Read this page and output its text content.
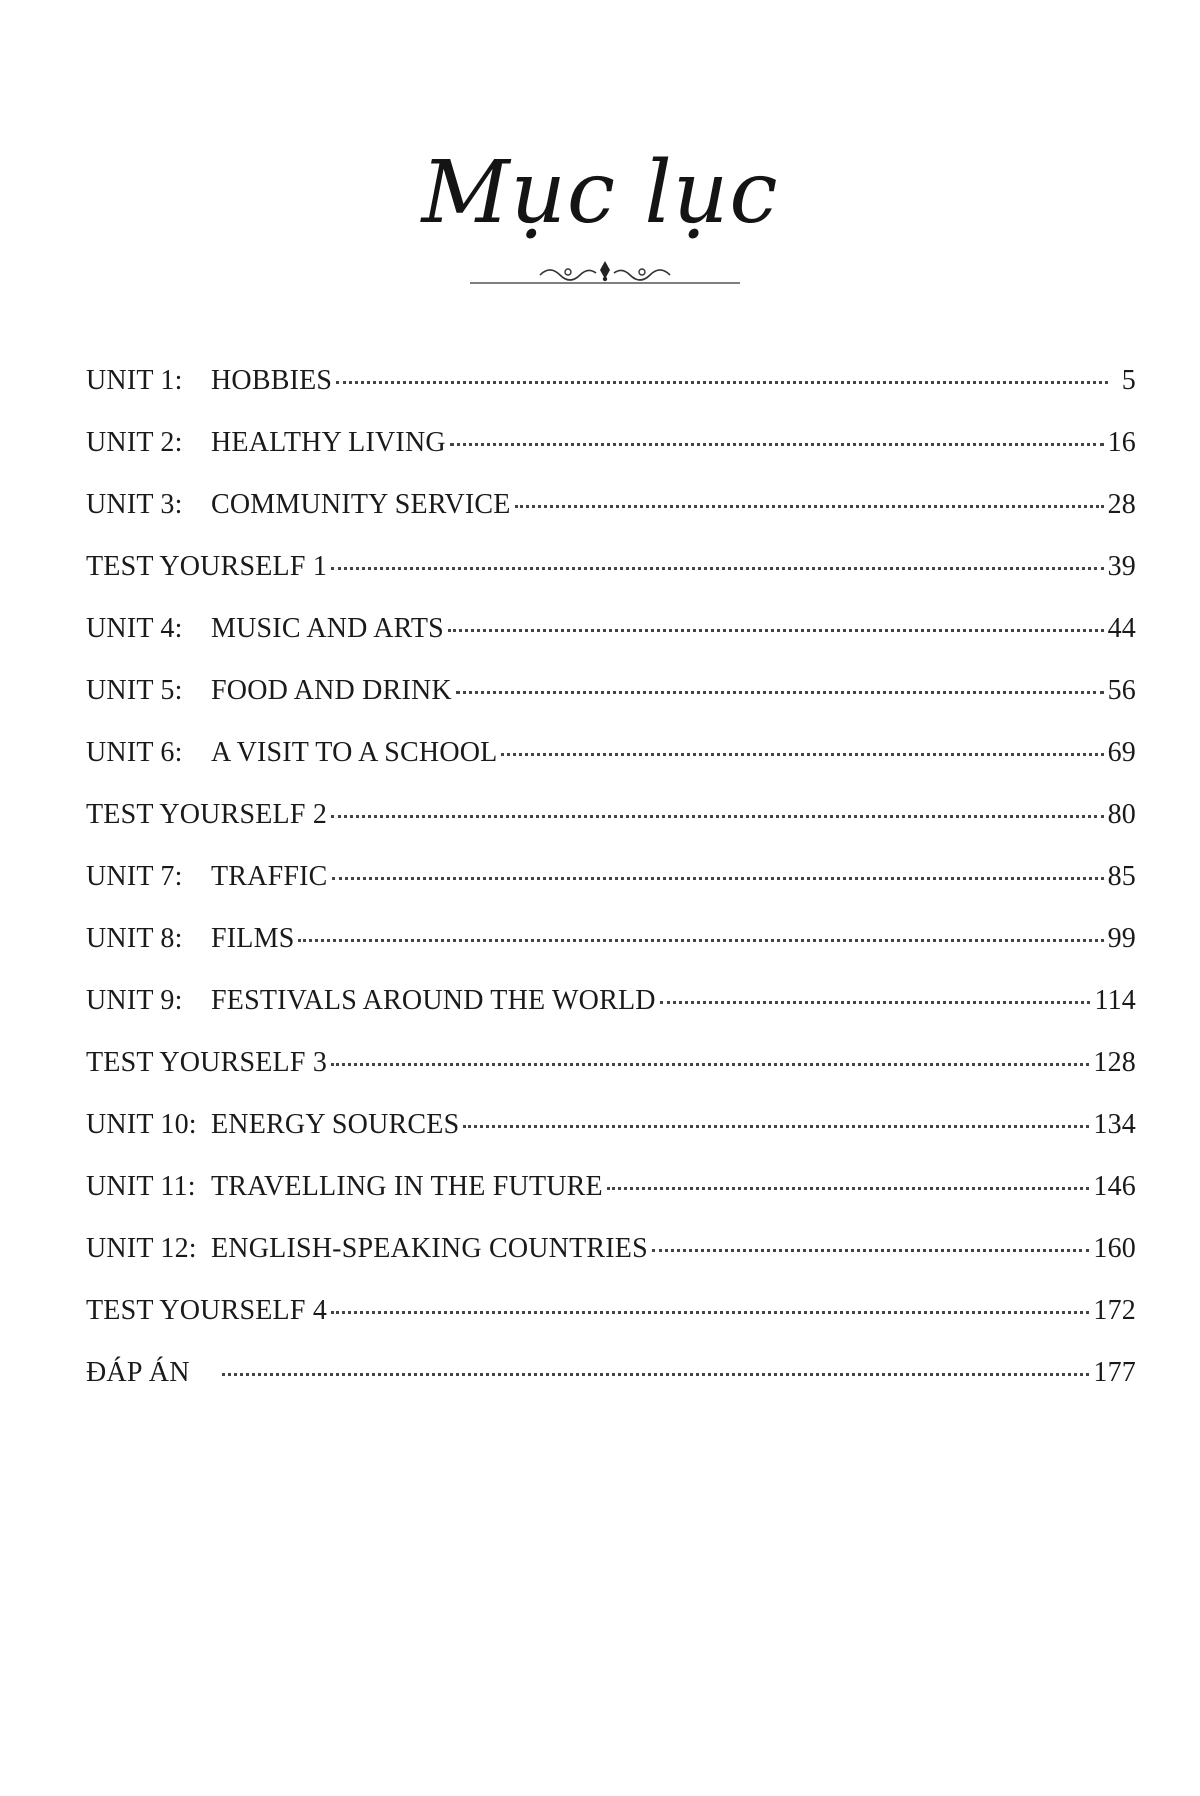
Mục lục
UNIT 1:	HOBBIES	5
UNIT 2:	HEALTHY LIVING	16
UNIT 3:	COMMUNITY SERVICE	28
TEST YOURSELF 1	39
UNIT 4:	MUSIC AND ARTS	44
UNIT 5:	FOOD AND DRINK	56
UNIT 6:	A VISIT TO A SCHOOL	69
TEST YOURSELF 2	80
UNIT 7:	TRAFFIC	85
UNIT 8:	FILMS	99
UNIT 9:	FESTIVALS AROUND THE WORLD	114
TEST YOURSELF 3	128
UNIT 10: ENERGY SOURCES	134
UNIT 11: TRAVELLING IN THE FUTURE	146
UNIT 12: ENGLISH-SPEAKING COUNTRIES	160
TEST YOURSELF 4	172
ĐÁP ÁN	177
